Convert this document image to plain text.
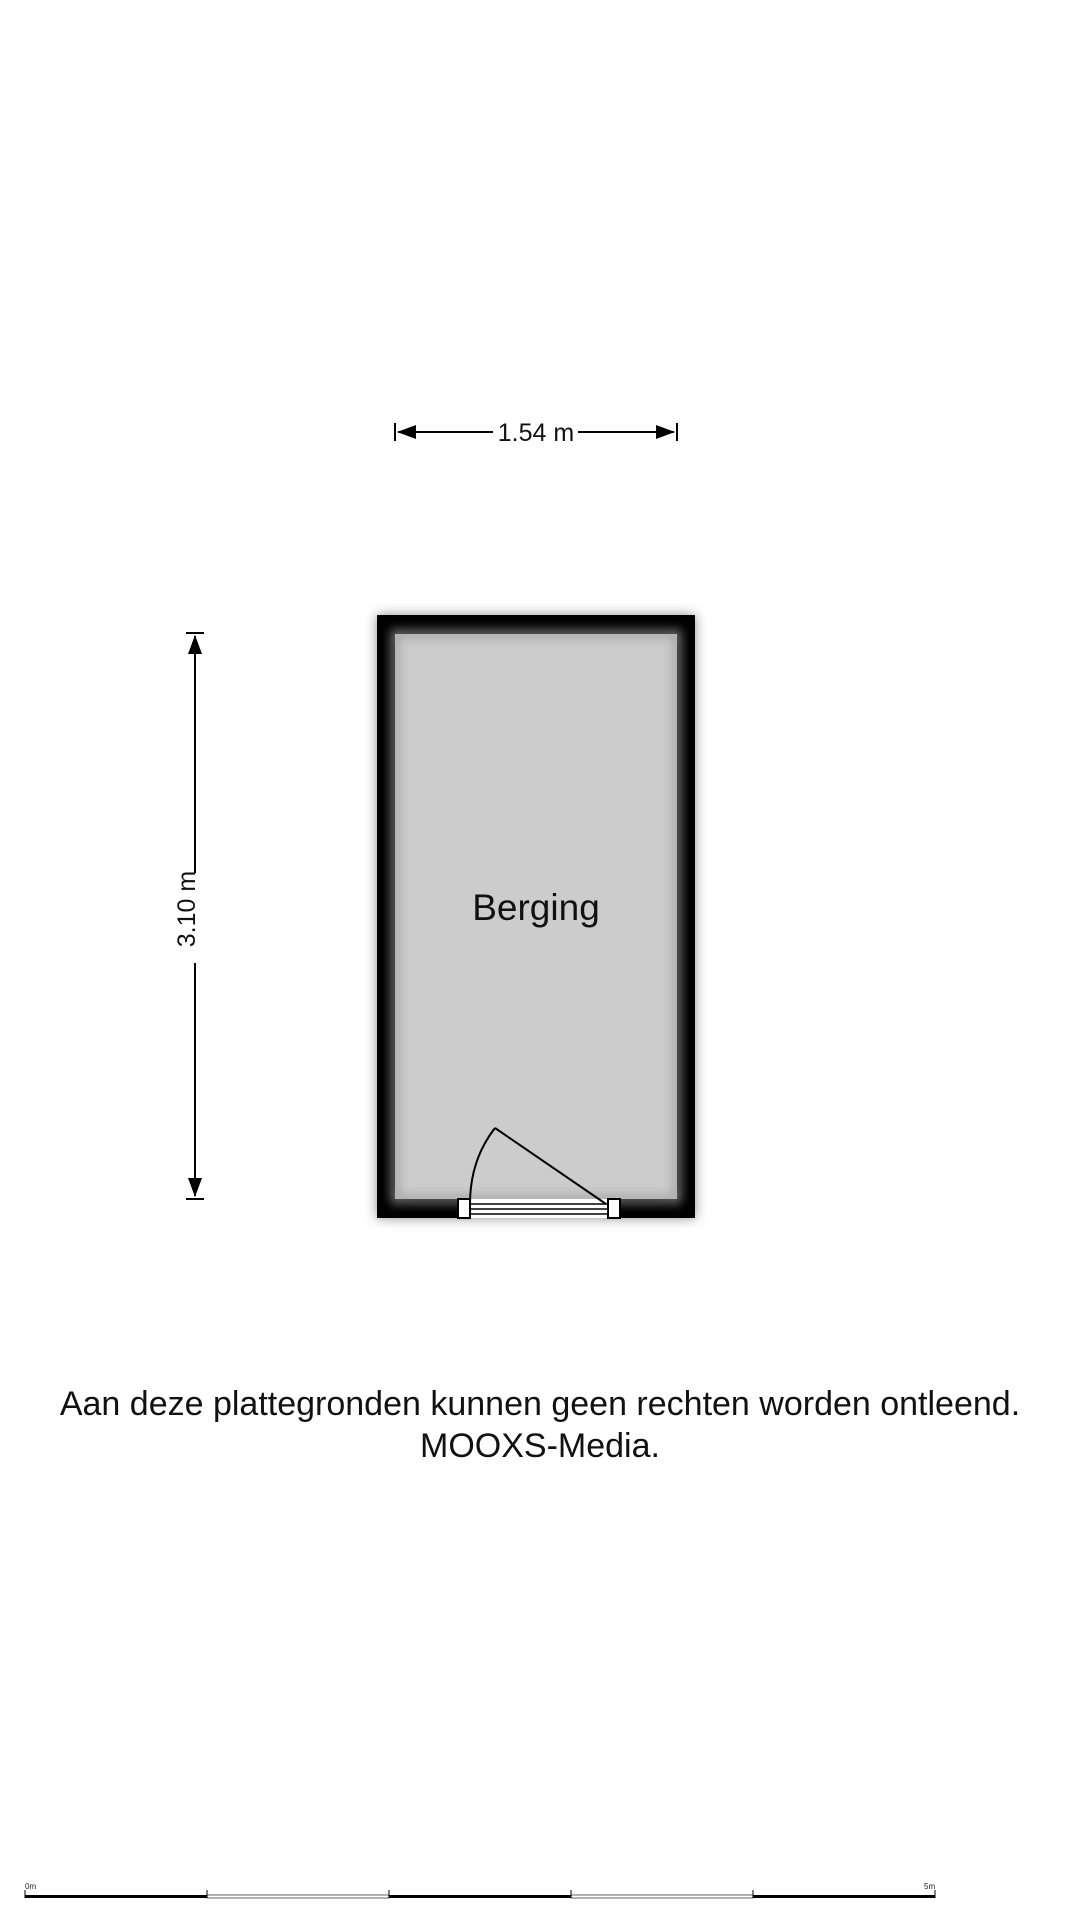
1.54 m
3.10 m	Berging
0m	5m
Aan deze plattegronden kunnen geen rechten worden ontleend.
MOOXS-Media.
